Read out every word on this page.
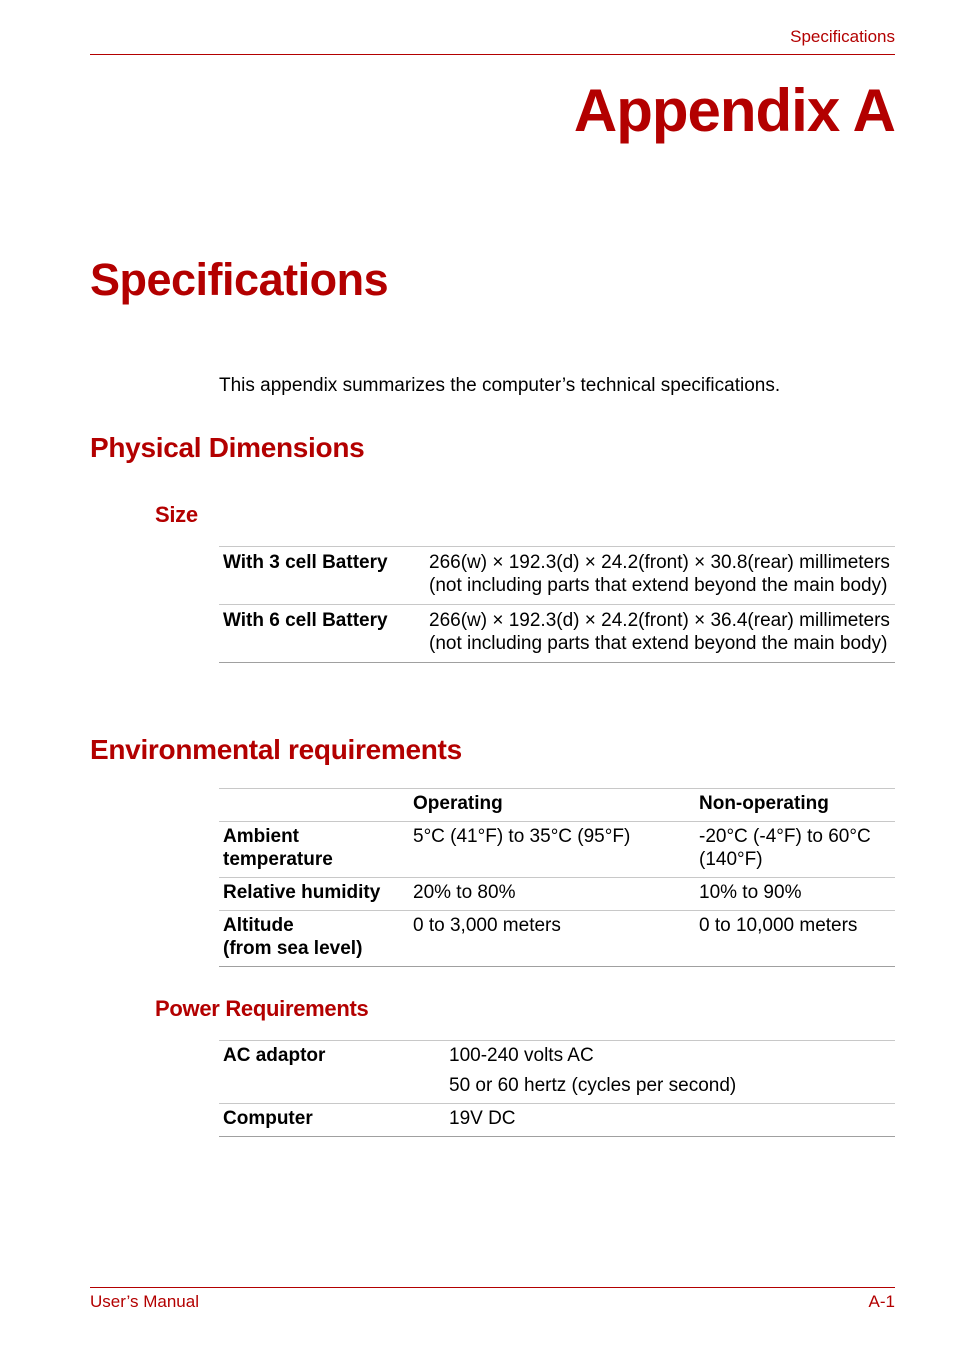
Specifications
Appendix A
Specifications
This appendix summarizes the computer’s technical specifications.
Physical Dimensions
Size
With 3 cell Battery	266(w) × 192.3(d) × 24.2(front) × 30.8(rear) millimeters (not including parts that extend beyond the main body)
With 6 cell Battery	266(w) × 192.3(d) × 24.2(front) × 36.4(rear) millimeters (not including parts that extend beyond the main body)
Environmental requirements
	Operating	Non-operating
Ambient
temperature	5°C (41°F) to 35°C (95°F)	-20°C (-4°F) to 60°C (140°F)
Relative humidity	20% to 80%	10% to 90%
Altitude
(from sea level)	0 to 3,000 meters	0 to 10,000 meters
Power Requirements
AC adaptor	100-240 volts AC
50 or 60 hertz (cycles per second)

Computer	19V DC
User’s Manual	A-1
